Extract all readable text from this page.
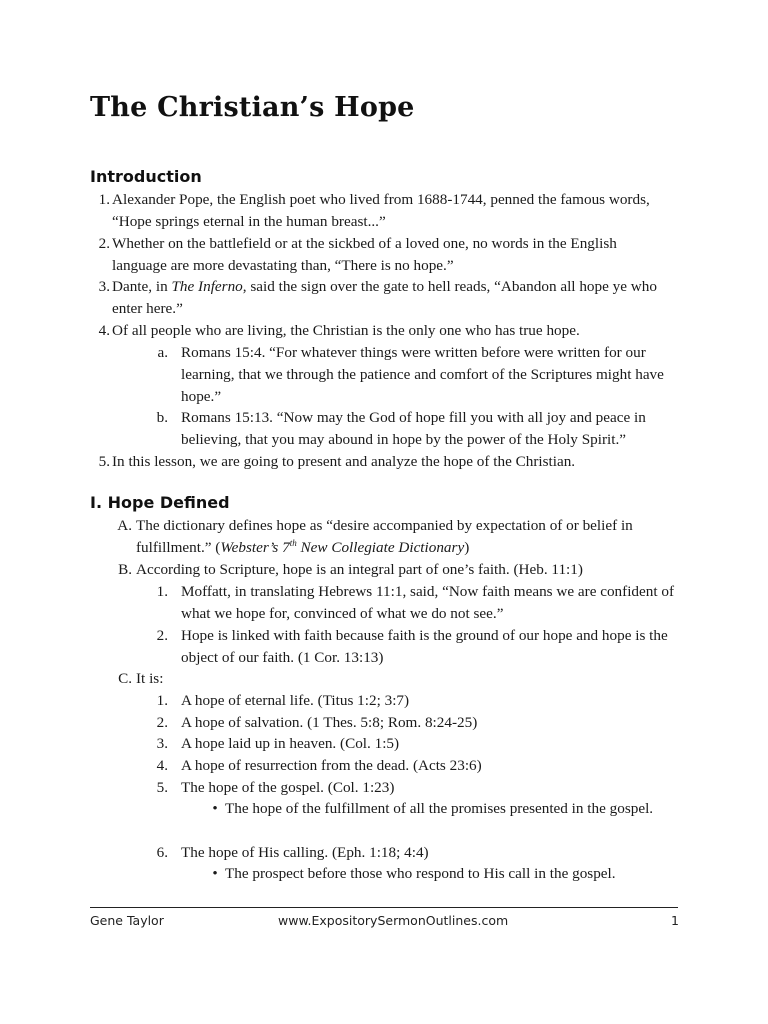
The Christian’s Hope
Introduction
1. Alexander Pope, the English poet who lived from 1688-1744, penned the famous words, “Hope springs eternal in the human breast...”
2. Whether on the battlefield or at the sickbed of a loved one, no words in the English language are more devastating than, “There is no hope.”
3. Dante, in The Inferno, said the sign over the gate to hell reads, “Abandon all hope ye who enter here.”
4. Of all people who are living, the Christian is the only one who has true hope.
a. Romans 15:4. “For whatever things were written before were written for our learning, that we through the patience and comfort of the Scriptures might have hope.”
b. Romans 15:13. “Now may the God of hope fill you with all joy and peace in believing, that you may abound in hope by the power of the Holy Spirit.”
5. In this lesson, we are going to present and analyze the hope of the Christian.
I. Hope Defined
A. The dictionary defines hope as “desire accompanied by expectation of or belief in fulfillment.” (Webster’s 7th New Collegiate Dictionary)
B. According to Scripture, hope is an integral part of one’s faith. (Heb. 11:1)
1. Moffatt, in translating Hebrews 11:1, said, “Now faith means we are confident of what we hope for, convinced of what we do not see.”
2. Hope is linked with faith because faith is the ground of our hope and hope is the object of our faith. (1 Cor. 13:13)
C. It is:
1. A hope of eternal life. (Titus 1:2; 3:7)
2. A hope of salvation. (1 Thes. 5:8; Rom. 8:24-25)
3. A hope laid up in heaven. (Col. 1:5)
4. A hope of resurrection from the dead. (Acts 23:6)
5. The hope of the gospel. (Col. 1:23)
• The hope of the fulfillment of all the promises presented in the gospel.
6. The hope of His calling. (Eph. 1:18; 4:4)
• The prospect before those who respond to His call in the gospel.
Gene Taylor	www.ExpositorySermonOutlines.com	1
